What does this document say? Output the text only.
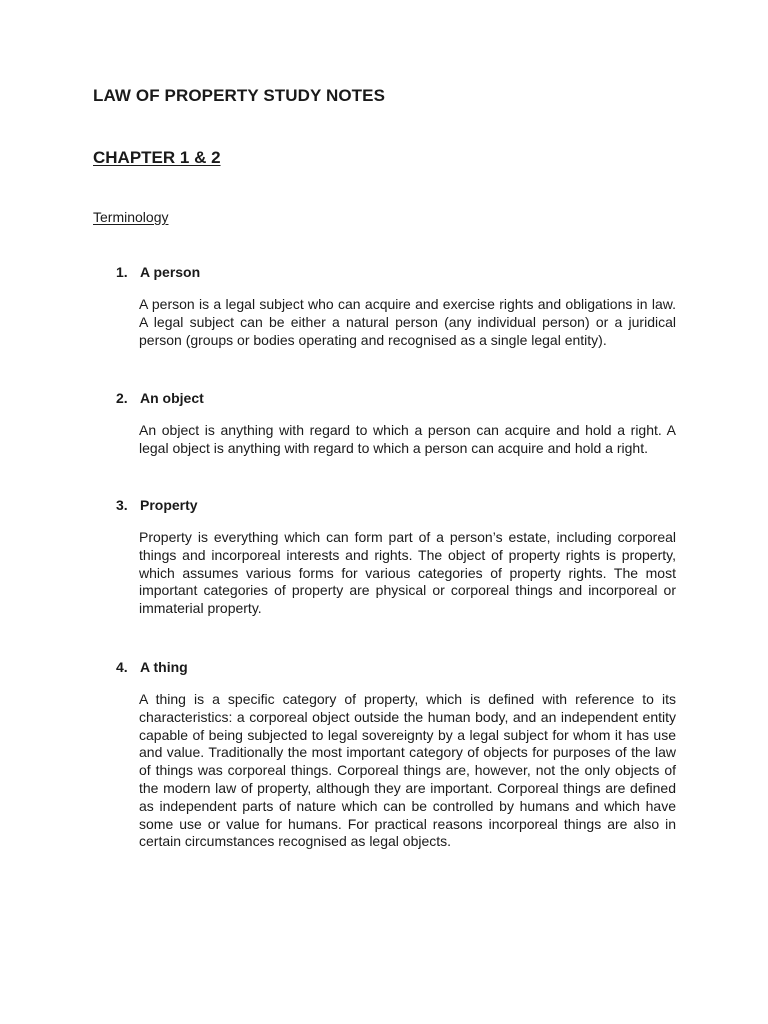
LAW OF PROPERTY STUDY NOTES
CHAPTER 1 & 2
Terminology
1. A person
A person is a legal subject who can acquire and exercise rights and obligations in law. A legal subject can be either a natural person (any individual person) or a juridical person (groups or bodies operating and recognised as a single legal entity).
2. An object
An object is anything with regard to which a person can acquire and hold a right. A legal object is anything with regard to which a person can acquire and hold a right.
3. Property
Property is everything which can form part of a person’s estate, including corporeal things and incorporeal interests and rights. The object of property rights is property, which assumes various forms for various categories of property rights. The most important categories of property are physical or corporeal things and incorporeal or immaterial property.
4. A thing
A thing is a specific category of property, which is defined with reference to its characteristics: a corporeal object outside the human body, and an independent entity capable of being subjected to legal sovereignty by a legal subject for whom it has use and value. Traditionally the most important category of objects for purposes of the law of things was corporeal things. Corporeal things are, however, not the only objects of the modern law of property, although they are important. Corporeal things are defined as independent parts of nature which can be controlled by humans and which have some use or value for humans. For practical reasons incorporeal things are also in certain circumstances recognised as legal objects.
